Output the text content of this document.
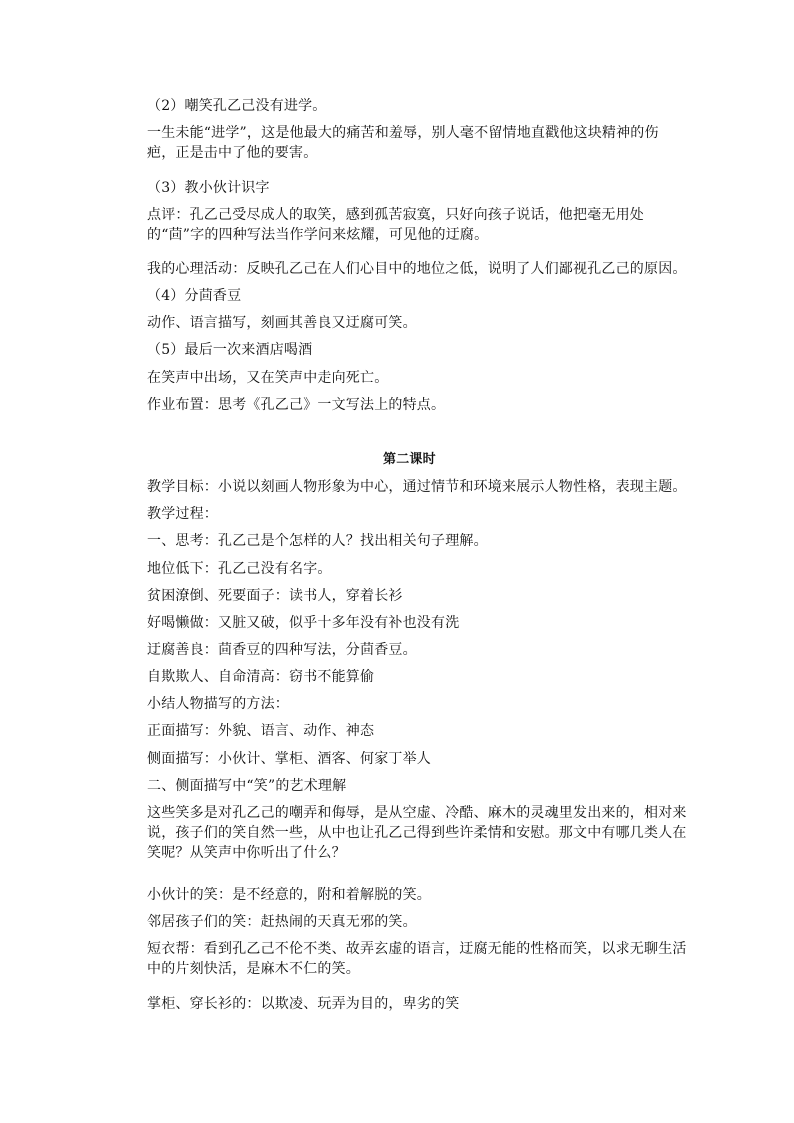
（2）嘲笑孔乙己没有进学。
一生未能“进学”，这是他最大的痛苦和羞辱，别人毫不留情地直戳他这块精神的伤疤，正是击中了他的要害。
（3）教小伙计识字
点评：孔乙己受尽成人的取笑，感到孤苦寂寞，只好向孩子说话，他把毫无用处的“茴”字的四种写法当作学问来炫耀，可见他的迂腐。
我的心理活动：反映孔乙己在人们心目中的地位之低，说明了人们鄙视孔乙己的原因。
（4）分茴香豆
动作、语言描写，刻画其善良又迂腐可笑。
（5）最后一次来酒店喝酒
在笑声中出场，又在笑声中走向死亡。
作业布置：思考《孔乙己》一文写法上的特点。
第二课时
教学目标：小说以刻画人物形象为中心，通过情节和环境来展示人物性格，表现主题。
教学过程：
一、思考：孔乙己是个怎样的人？找出相关句子理解。
地位低下：孔乙己没有名字。
贫困潦倒、死要面子：读书人，穿着长衫
好喝懒做：又脏又破，似乎十多年没有补也没有洗
迂腐善良：茴香豆的四种写法，分茴香豆。
自欺欺人、自命清高：窃书不能算偷
小结人物描写的方法：
正面描写：外貌、语言、动作、神态
侧面描写：小伙计、掌柜、酒客、何家丁举人
二、侧面描写中“笑”的艺术理解
这些笑多是对孔乙己的嘲弄和侮辱，是从空虚、冷酷、麻木的灵魂里发出来的，相对来说，孩子们的笑自然一些，从中也让孔乙己得到些许柔情和安慰。那文中有哪几类人在笑呢？从笑声中你听出了什么？
小伙计的笑：是不经意的，附和着解脱的笑。
邻居孩子们的笑：赶热闹的天真无邪的笑。
短衣帮：看到孔乙己不伦不类、故弄玄虚的语言，迂腐无能的性格而笑，以求无聊生活中的片刻快活，是麻木不仁的笑。
掌柜、穿长衫的：以欺凌、玩弄为目的，卑劣的笑
